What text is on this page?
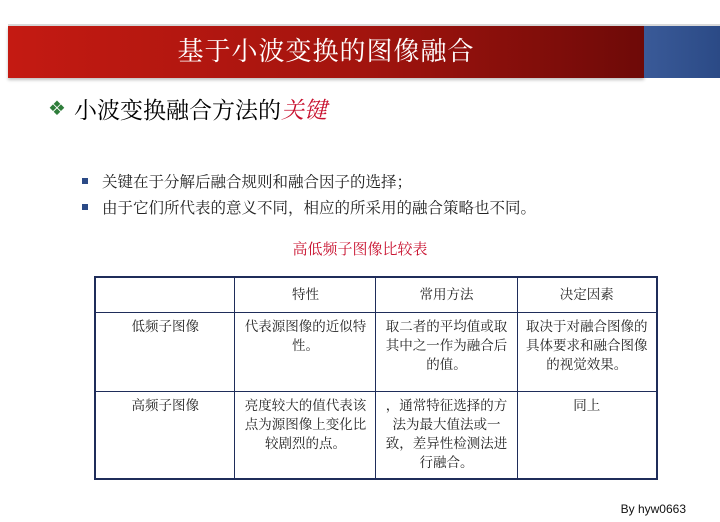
基于小波变换的图像融合
❖ 小波变换融合方法的 关键
关键在于分解后融合规则和融合因子的选择；
由于它们所代表的意义不同，相应的所采用的融合策略也不同。
高低频子图像比较表
	特性	常用方法	决定因素
低频子图像	代表源图像的近似特性。	取二者的平均值或取其中之一作为融合后的值。	取决于对融合图像的具体要求和融合图像的视觉效果。
高频子图像	亮度较大的值代表该点为源图像上变化比较剧烈的点。	，通常特征选择的方法为最大值法或一致，差异性检测法进行融合。	同上
By hyw0663
